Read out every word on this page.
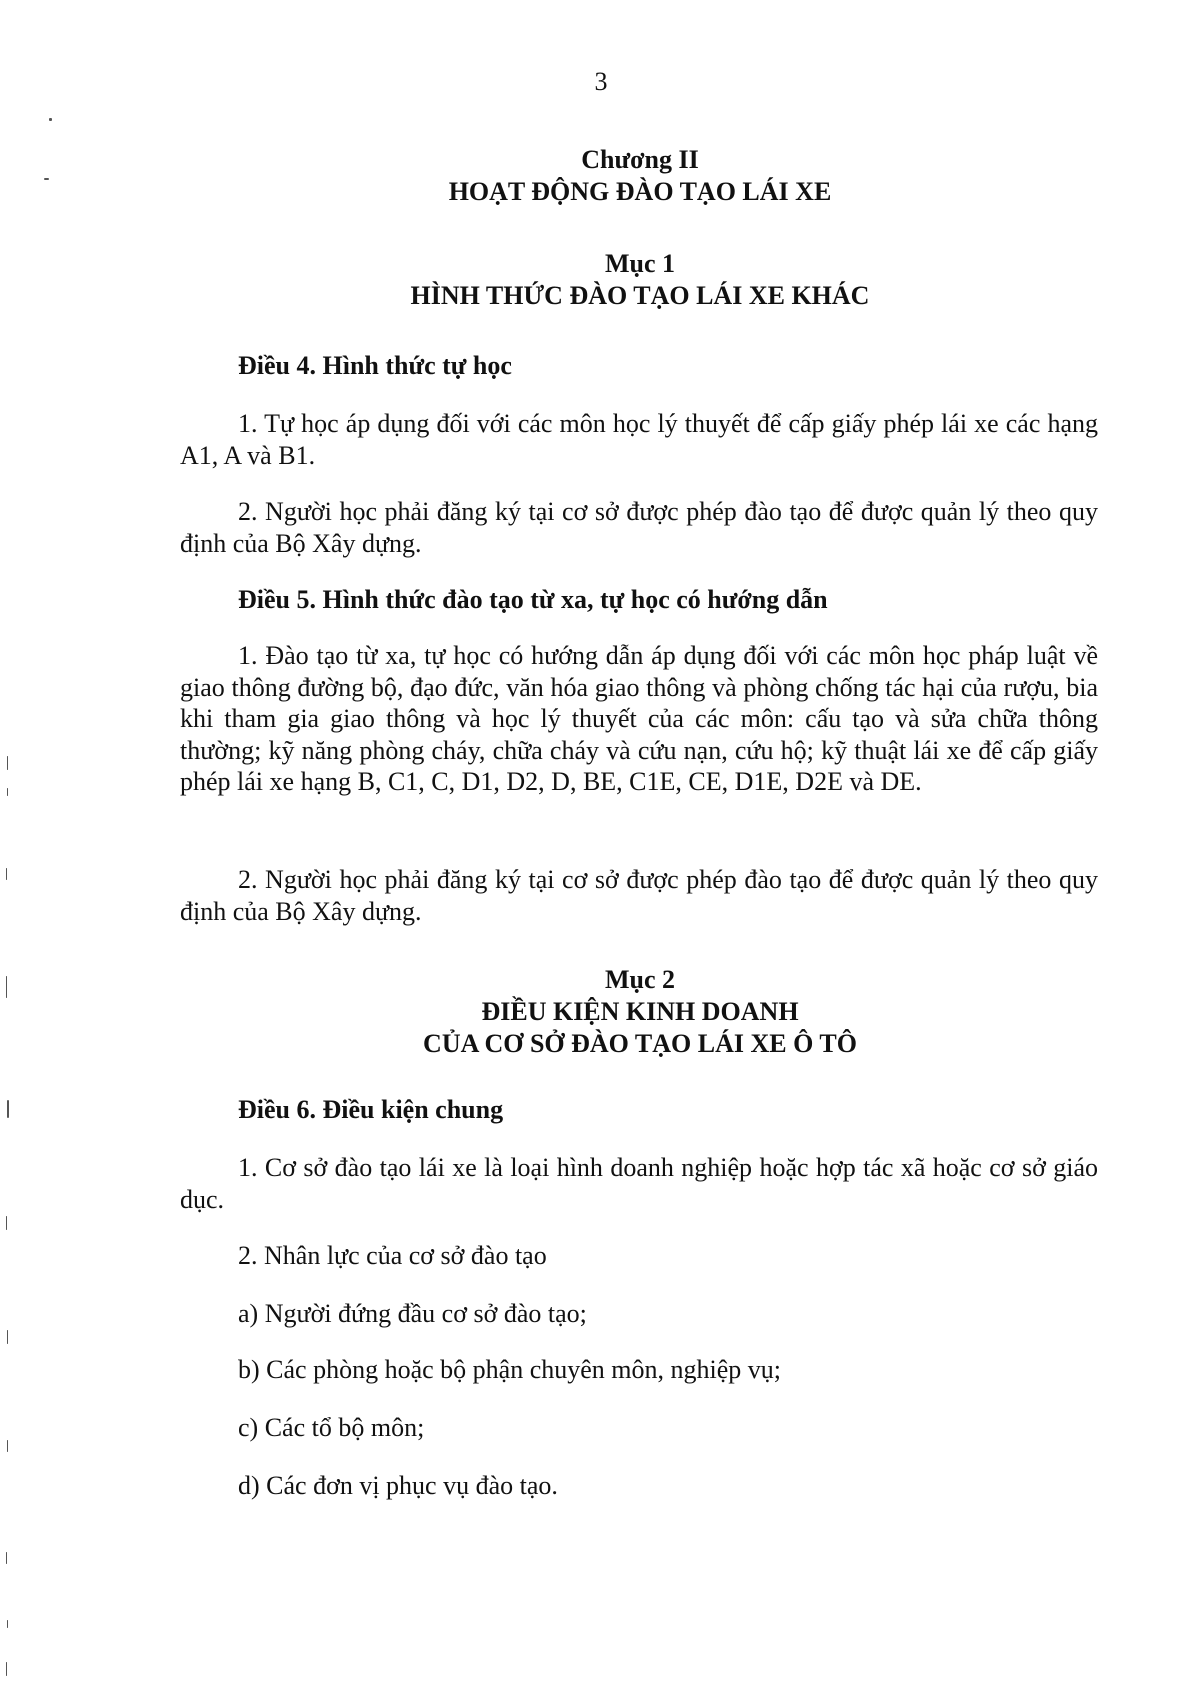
3
Chương II
HOẠT ĐỘNG ĐÀO TẠO LÁI XE
Mục 1
HÌNH THỨC ĐÀO TẠO LÁI XE KHÁC
Điều 4. Hình thức tự học
1. Tự học áp dụng đối với các môn học lý thuyết để cấp giấy phép lái xe các hạng A1, A và B1.
2. Người học phải đăng ký tại cơ sở được phép đào tạo để được quản lý theo quy định của Bộ Xây dựng.
Điều 5. Hình thức đào tạo từ xa, tự học có hướng dẫn
1. Đào tạo từ xa, tự học có hướng dẫn áp dụng đối với các môn học pháp luật về giao thông đường bộ, đạo đức, văn hóa giao thông và phòng chống tác hại của rượu, bia khi tham gia giao thông và học lý thuyết của các môn: cấu tạo và sửa chữa thông thường; kỹ năng phòng cháy, chữa cháy và cứu nạn, cứu hộ; kỹ thuật lái xe để cấp giấy phép lái xe hạng B, C1, C, D1, D2, D, BE, C1E, CE, D1E, D2E và DE.
2. Người học phải đăng ký tại cơ sở được phép đào tạo để được quản lý theo quy định của Bộ Xây dựng.
Mục 2
ĐIỀU KIỆN KINH DOANH
CỦA CƠ SỞ ĐÀO TẠO LÁI XE Ô TÔ
Điều 6. Điều kiện chung
1. Cơ sở đào tạo lái xe là loại hình doanh nghiệp hoặc hợp tác xã hoặc cơ sở giáo dục.
2. Nhân lực của cơ sở đào tạo
a) Người đứng đầu cơ sở đào tạo;
b) Các phòng hoặc bộ phận chuyên môn, nghiệp vụ;
c) Các tổ bộ môn;
d) Các đơn vị phục vụ đào tạo.
